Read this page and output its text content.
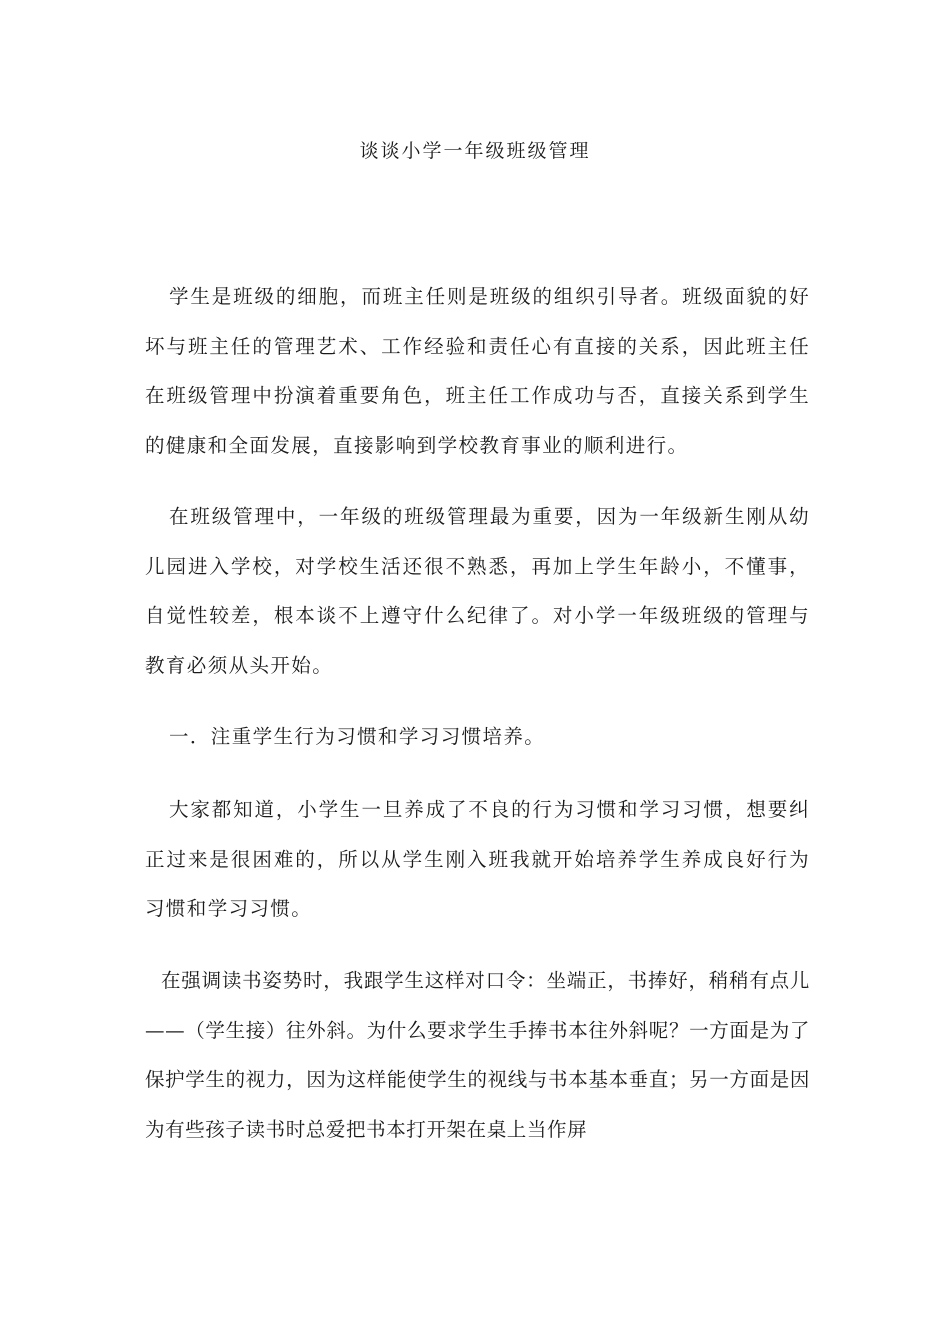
谈谈小学一年级班级管理

学生是班级的细胞，而班主任则是班级的组织引导者。班级面貌的好坏与班主任的管理艺术、工作经验和责任心有直接的关系，因此班主任在班级管理中扮演着重要角色，班主任工作成功与否，直接关系到学生的健康和全面发展，直接影响到学校教育事业的顺利进行。

在班级管理中，一年级的班级管理最为重要，因为一年级新生刚从幼儿园进入学校，对学校生活还很不熟悉，再加上学生年龄小，不懂事，自觉性较差，根本谈不上遵守什么纪律了。对小学一年级班级的管理与教育必须从头开始。

一．注重学生行为习惯和学习习惯培养。

大家都知道，小学生一旦养成了不良的行为习惯和学习习惯，想要纠正过来是很困难的，所以从学生刚入班我就开始培养学生养成良好行为习惯和学习习惯。

在强调读书姿势时，我跟学生这样对口令：坐端正，书捧好，稍稍有点儿——（学生接）往外斜。为什么要求学生手捧书本往外斜呢？一方面是为了保护学生的视力，因为这样能使学生的视线与书本基本垂直；另一方面是因为有些孩子读书时总爱把书本打开架在桌上当作屏
